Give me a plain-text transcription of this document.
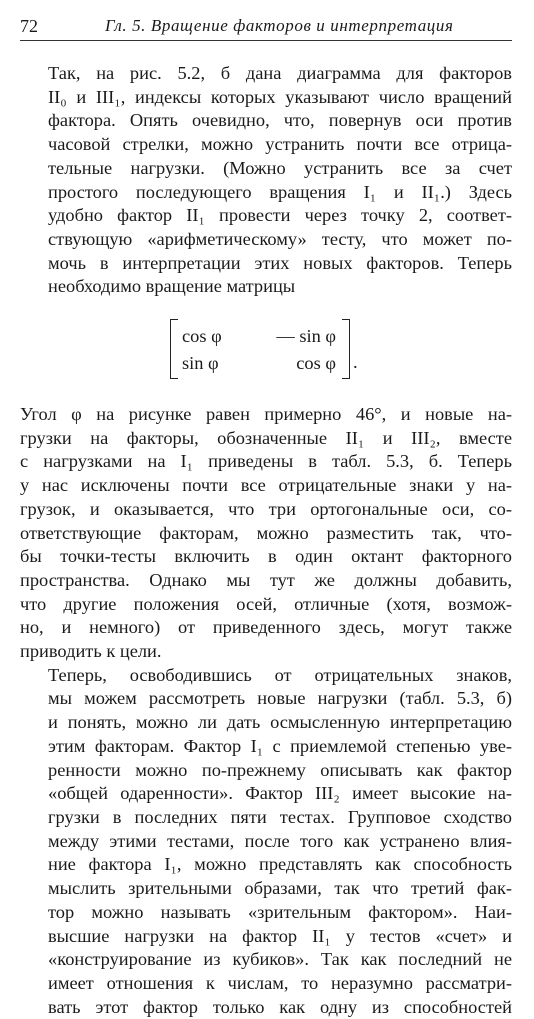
72	Гл. 5. Вращение факторов и интерпретация

Так, на рис. 5.2, б дана диаграмма для факторов
II₀ и III₁, индексы которых указывают число вращений
фактора. Опять очевидно, что, повернув оси против
часовой стрелки, можно устранить почти все отрица-
тельные нагрузки. (Можно устранить все за счет
простого последующего вращения I₁ и II₁.) Здесь
удобно фактор II₁ провести через точку 2, соответ-
ствующую «арифметическому» тесту, что может по-
мочь в интерпретации этих новых факторов. Теперь
необходимо вращение матрицы

cos φ	— sin φ
sin φ	cos φ .

Угол φ на рисунке равен примерно 46°, и новые на-
грузки на факторы, обозначенные II₁ и III₂, вместе
с нагрузками на I₁ приведены в табл. 5.3, б. Теперь
у нас исключены почти все отрицательные знаки у на-
грузок, и оказывается, что три ортогональные оси, со-
ответствующие факторам, можно разместить так, что-
бы точки-тесты включить в один октант факторного
пространства. Однако мы тут же должны добавить,
что другие положения осей, отличные (хотя, возмож-
но, и немного) от приведенного здесь, могут также
приводить к цели.

Теперь, освободившись от отрицательных знаков,
мы можем рассмотреть новые нагрузки (табл. 5.3, б)
и понять, можно ли дать осмысленную интерпретацию
этим факторам. Фактор I₁ с приемлемой степенью уве-
ренности можно по-прежнему описывать как фактор
«общей одаренности». Фактор III₂ имеет высокие на-
грузки в последних пяти тестах. Групповое сходство
между этими тестами, после того как устранено влия-
ние фактора I₁, можно представлять как способность
мыслить зрительными образами, так что третий фак-
тор можно называть «зрительным фактором». Наи-
высшие нагрузки на фактор II₁ у тестов «счет» и
«конструирование из кубиков». Так как последний не
имеет отношения к числам, то неразумно рассматри-
вать этот фактор только как одну из способностей
